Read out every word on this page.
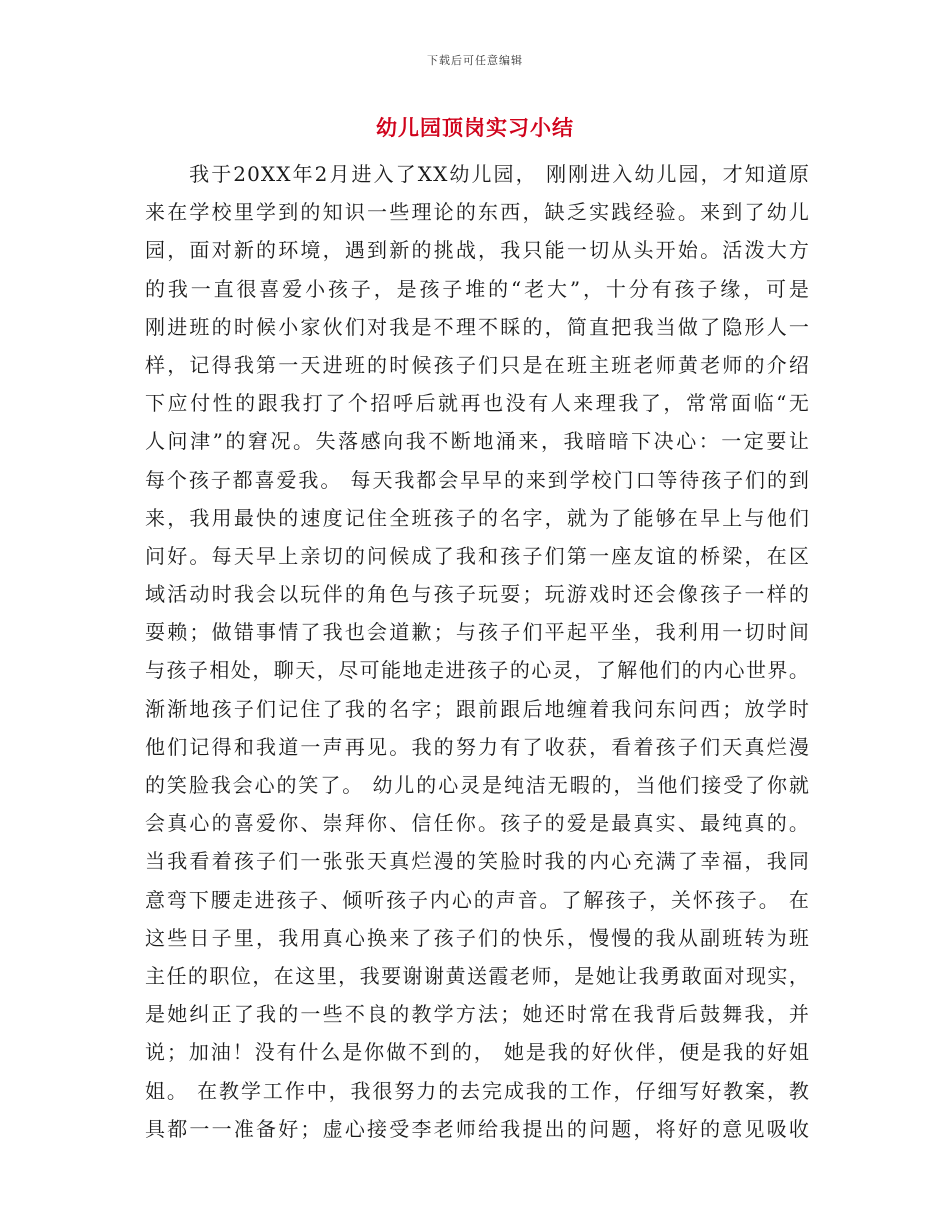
下载后可任意编辑
幼儿园顶岗实习小结
　　我于20XX年2月进入了XX幼儿园， 刚刚进入幼儿园，才知道原
来在学校里学到的知识一些理论的东西，缺乏实践经验。来到了幼儿
园，面对新的环境，遇到新的挑战，我只能一切从头开始。活泼大方
的我一直很喜爱小孩子，是孩子堆的“老大”，十分有孩子缘，可是
刚进班的时候小家伙们对我是不理不睬的，简直把我当做了隐形人一
样，记得我第一天进班的时候孩子们只是在班主班老师黄老师的介绍
下应付性的跟我打了个招呼后就再也没有人来理我了，常常面临“无
人问津”的窘况。失落感向我不断地涌来，我暗暗下决心：一定要让
每个孩子都喜爱我。 每天我都会早早的来到学校门口等待孩子们的到
来，我用最快的速度记住全班孩子的名字，就为了能够在早上与他们
问好。每天早上亲切的问候成了我和孩子们第一座友谊的桥梁，在区
域活动时我会以玩伴的角色与孩子玩耍；玩游戏时还会像孩子一样的
耍赖；做错事情了我也会道歉；与孩子们平起平坐，我利用一切时间
与孩子相处，聊天，尽可能地走进孩子的心灵，了解他们的内心世界。
渐渐地孩子们记住了我的名字；跟前跟后地缠着我问东问西；放学时
他们记得和我道一声再见。我的努力有了收获，看着孩子们天真烂漫
的笑脸我会心的笑了。 幼儿的心灵是纯洁无暇的，当他们接受了你就
会真心的喜爱你、崇拜你、信任你。孩子的爱是最真实、最纯真的。
当我看着孩子们一张张天真烂漫的笑脸时我的内心充满了幸福，我同
意弯下腰走进孩子、倾听孩子内心的声音。了解孩子，关怀孩子。 在
这些日子里，我用真心换来了孩子们的快乐，慢慢的我从副班转为班
主任的职位，在这里，我要谢谢黄送霞老师，是她让我勇敢面对现实，
是她纠正了我的一些不良的教学方法；她还时常在我背后鼓舞我，并
说；加油！没有什么是你做不到的， 她是我的好伙伴，便是我的好姐
姐。 在教学工作中，我很努力的去完成我的工作，仔细写好教案，教
具都一一准备好；虚心接受李老师给我提出的问题，将好的意见吸收
